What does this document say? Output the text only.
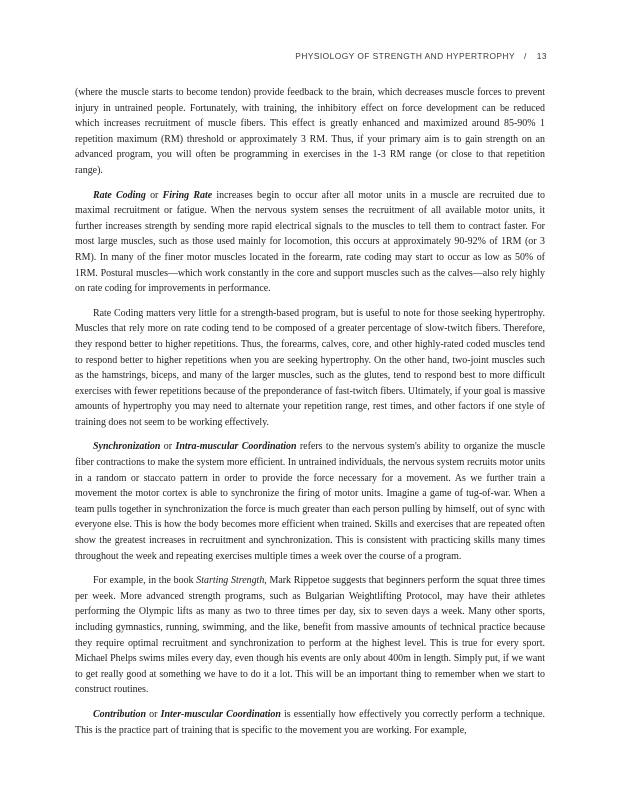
PHYSIOLOGY OF STRENGTH AND HYPERTROPHY / 13

(where the muscle starts to become tendon) provide feedback to the brain, which decreases muscle forces to prevent injury in untrained people. Fortunately, with training, the inhibitory effect on force development can be reduced which increases recruitment of muscle fibers. This effect is greatly enhanced and maximized around 85-90% 1 repetition maximum (RM) threshold or approximately 3 RM. Thus, if your primary aim is to gain strength on an advanced program, you will often be programming in exercises in the 1-3 RM range (or close to that repetition range).

Rate Coding or Firing Rate increases begin to occur after all motor units in a muscle are recruited due to maximal recruitment or fatigue. When the nervous system senses the recruitment of all available motor units, it further increases strength by sending more rapid electrical signals to the muscles to tell them to contract faster. For most large muscles, such as those used mainly for locomotion, this occurs at approximately 90-92% of 1RM (or 3 RM). In many of the finer motor muscles located in the forearm, rate coding may start to occur as low as 50% of 1RM. Postural muscles—which work constantly in the core and support muscles such as the calves—also rely highly on rate coding for improvements in performance.

Rate Coding matters very little for a strength-based program, but is useful to note for those seeking hypertrophy. Muscles that rely more on rate coding tend to be composed of a greater percentage of slow-twitch fibers. Therefore, they respond better to higher repetitions. Thus, the forearms, calves, core, and other highly-rated coded muscles tend to respond better to higher repetitions when you are seeking hypertrophy. On the other hand, two-joint muscles such as the hamstrings, biceps, and many of the larger muscles, such as the glutes, tend to respond best to more difficult exercises with fewer repetitions because of the preponderance of fast-twitch fibers. Ultimately, if your goal is massive amounts of hypertrophy you may need to alternate your repetition range, rest times, and other factors if one style of training does not seem to be working effectively.

Synchronization or Intra-muscular Coordination refers to the nervous system's ability to organize the muscle fiber contractions to make the system more efficient. In untrained individuals, the nervous system recruits motor units in a random or staccato pattern in order to provide the force necessary for a movement. As we further train a movement the motor cortex is able to synchronize the firing of motor units. Imagine a game of tug-of-war. When a team pulls together in synchronization the force is much greater than each person pulling by himself, out of sync with everyone else. This is how the body becomes more efficient when trained. Skills and exercises that are repeated often show the greatest increases in recruitment and synchronization. This is consistent with practicing skills many times throughout the week and repeating exercises multiple times a week over the course of a program.

For example, in the book Starting Strength, Mark Rippetoe suggests that beginners perform the squat three times per week. More advanced strength programs, such as Bulgarian Weightlifting Protocol, may have their athletes performing the Olympic lifts as many as two to three times per day, six to seven days a week. Many other sports, including gymnastics, running, swimming, and the like, benefit from massive amounts of technical practice because they require optimal recruitment and synchronization to perform at the highest level. This is true for every sport. Michael Phelps swims miles every day, even though his events are only about 400m in length. Simply put, if we want to get really good at something we have to do it a lot. This will be an important thing to remember when we start to construct routines.

Contribution or Inter-muscular Coordination is essentially how effectively you correctly perform a technique. This is the practice part of training that is specific to the movement you are working. For example,
